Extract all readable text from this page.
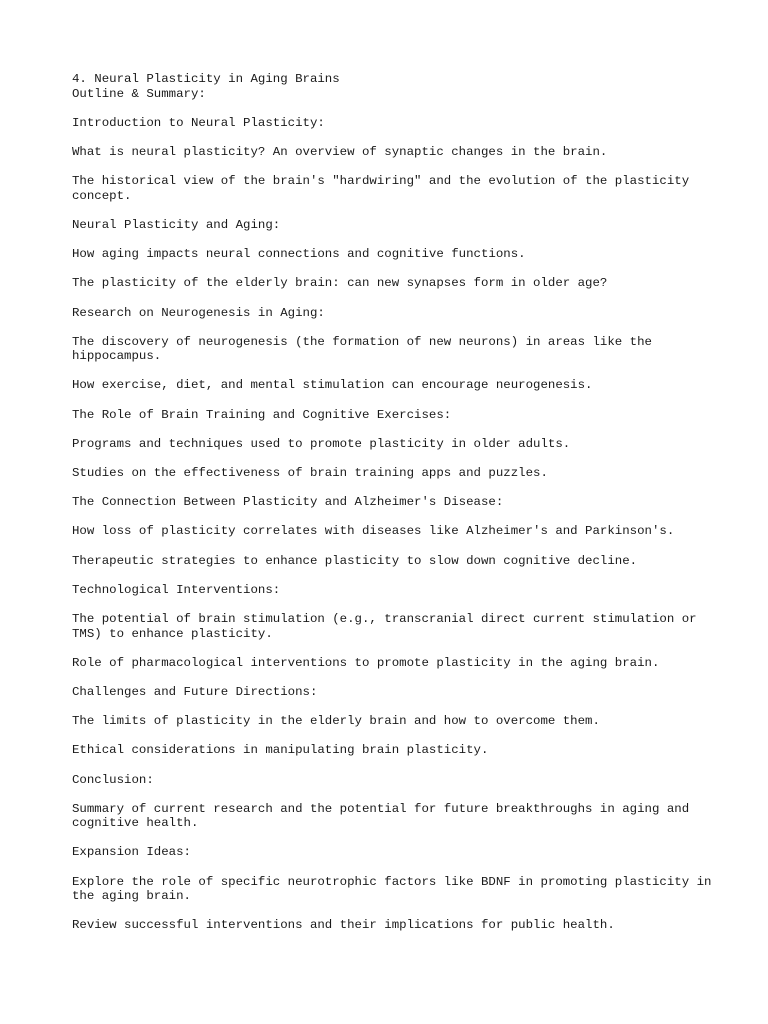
4. Neural Plasticity in Aging Brains
Outline & Summary:
Introduction to Neural Plasticity:
What is neural plasticity? An overview of synaptic changes in the brain.
The historical view of the brain's "hardwiring" and the evolution of the plasticity concept.
Neural Plasticity and Aging:
How aging impacts neural connections and cognitive functions.
The plasticity of the elderly brain: can new synapses form in older age?
Research on Neurogenesis in Aging:
The discovery of neurogenesis (the formation of new neurons) in areas like the hippocampus.
How exercise, diet, and mental stimulation can encourage neurogenesis.
The Role of Brain Training and Cognitive Exercises:
Programs and techniques used to promote plasticity in older adults.
Studies on the effectiveness of brain training apps and puzzles.
The Connection Between Plasticity and Alzheimer's Disease:
How loss of plasticity correlates with diseases like Alzheimer's and Parkinson's.
Therapeutic strategies to enhance plasticity to slow down cognitive decline.
Technological Interventions:
The potential of brain stimulation (e.g., transcranial direct current stimulation or TMS) to enhance plasticity.
Role of pharmacological interventions to promote plasticity in the aging brain.
Challenges and Future Directions:
The limits of plasticity in the elderly brain and how to overcome them.
Ethical considerations in manipulating brain plasticity.
Conclusion:
Summary of current research and the potential for future breakthroughs in aging and cognitive health.
Expansion Ideas:
Explore the role of specific neurotrophic factors like BDNF in promoting plasticity in the aging brain.
Review successful interventions and their implications for public health.
